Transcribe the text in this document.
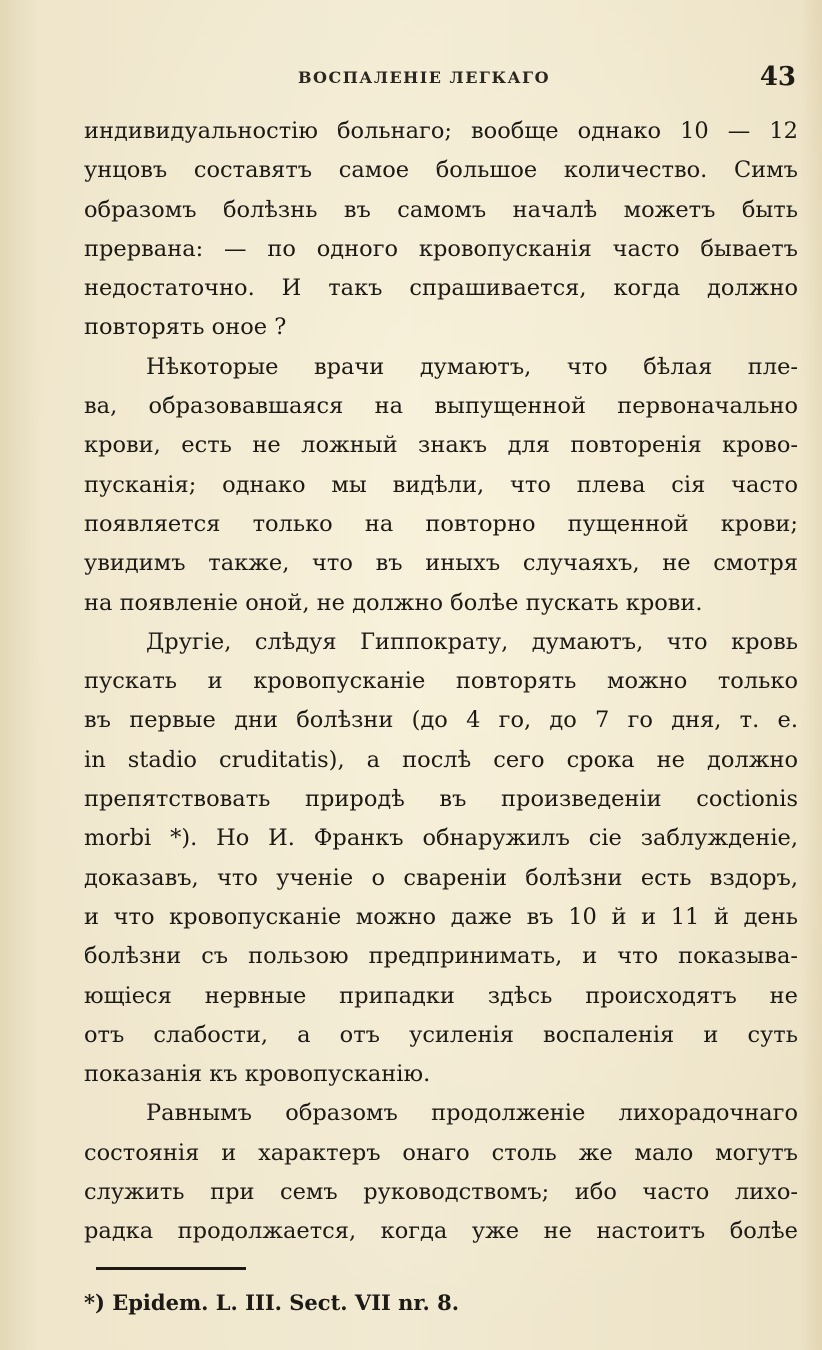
ВОСПАЛЕНІЕ ЛЕГКАГО	43
индивидуальностію больнаго; вообще однако 10 — 12
унцовъ составятъ самое большое количество. Симъ
образомъ болѣзнь въ самомъ началѣ можетъ быть
прервана: — по одного кровопусканія часто бываетъ
недостаточно. И такъ спрашивается, когда должно
повторять оное ?
Нѣкоторые врачи думаютъ, что бѣлая пле-
ва, образовавшаяся на выпущенной первоначально
крови, есть не ложный знакъ для повторенія крово-
пусканія; однако мы видѣли, что плева сія часто
появляется только на повторно пущенной крови;
увидимъ также, что въ иныхъ случаяхъ, не смотря
на появленіе оной, не должно болѣе пускать крови.
Другіе, слѣдуя Гиппократу, думаютъ, что кровь
пускать и кровопусканіе повторять можно только
въ первые дни болѣзни (до 4 го, до 7 го дня, т. е.
in stadio cruditatis), а послѣ сего срока не должно
препятствовать природѣ въ произведеніи coctionis
morbi *). Но И. Франкъ обнаружилъ сіе заблужденіе,
доказавъ, что ученіе о свареніи болѣзни есть вздоръ,
и что кровопусканіе можно даже въ 10 й и 11 й день
болѣзни съ пользою предпринимать, и что показыва-
ющіеся нервные припадки здѣсь происходятъ не
отъ слабости, а отъ усиленія воспаленія и суть
показанія къ кровопусканію.
Равнымъ образомъ продолженіе лихорадочнаго
состоянія и характеръ онаго столь же мало могутъ
служить при семъ руководствомъ; ибо часто лихо-
радка продолжается, когда уже не настоитъ болѣе
*) Epidem. L. III. Sect. VII nr. 8.
